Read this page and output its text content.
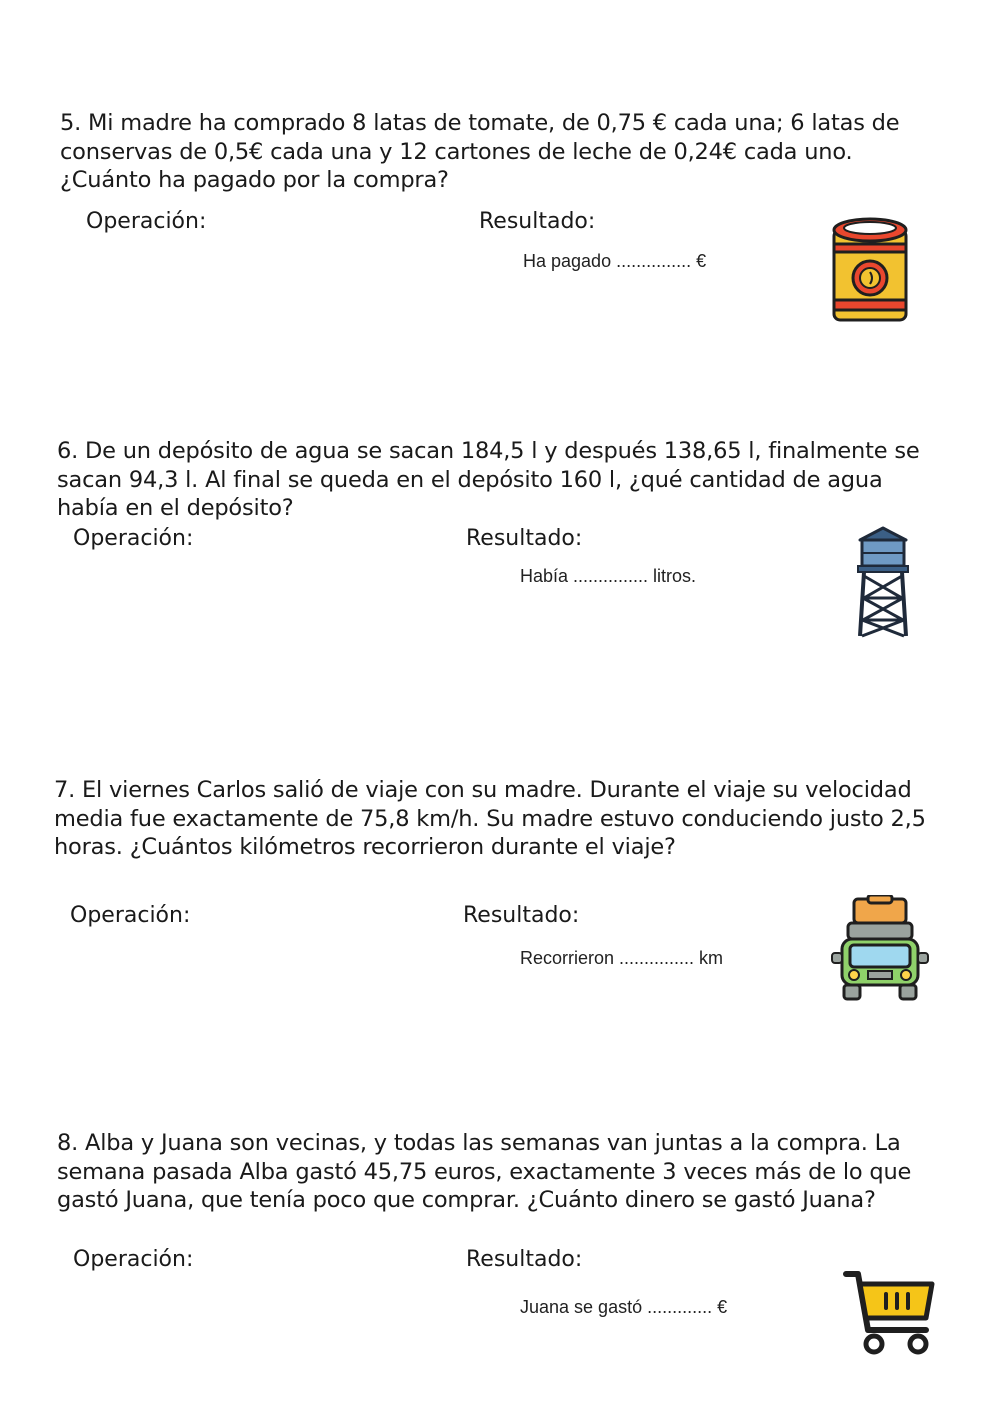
5. Mi madre ha comprado 8 latas de tomate, de 0,75 € cada una; 6 latas de conservas de 0,5€ cada una y 12 cartones de leche de 0,24€ cada uno. ¿Cuánto ha pagado por la compra?

Operación:	Resultado:
Ha pagado ............... €

6. De un depósito de agua se sacan 184,5 l y después 138,65 l, finalmente se sacan 94,3 l. Al final se queda en el depósito 160 l, ¿qué cantidad de agua había en el depósito?

Operación:	Resultado:
Había ............... litros.

7. El viernes Carlos salió de viaje con su madre. Durante el viaje su velocidad media fue exactamente de 75,8 km/h. Su madre estuvo conduciendo justo 2,5 horas. ¿Cuántos kilómetros recorrieron durante el viaje?

Operación:	Resultado:
Recorrieron ............... km

8. Alba y Juana son vecinas, y todas las semanas van juntas a la compra. La semana pasada Alba gastó 45,75 euros, exactamente 3 veces más de lo que gastó Juana, que tenía poco que comprar. ¿Cuánto dinero se gastó Juana?

Operación:	Resultado:
Juana se gastó ............. €
